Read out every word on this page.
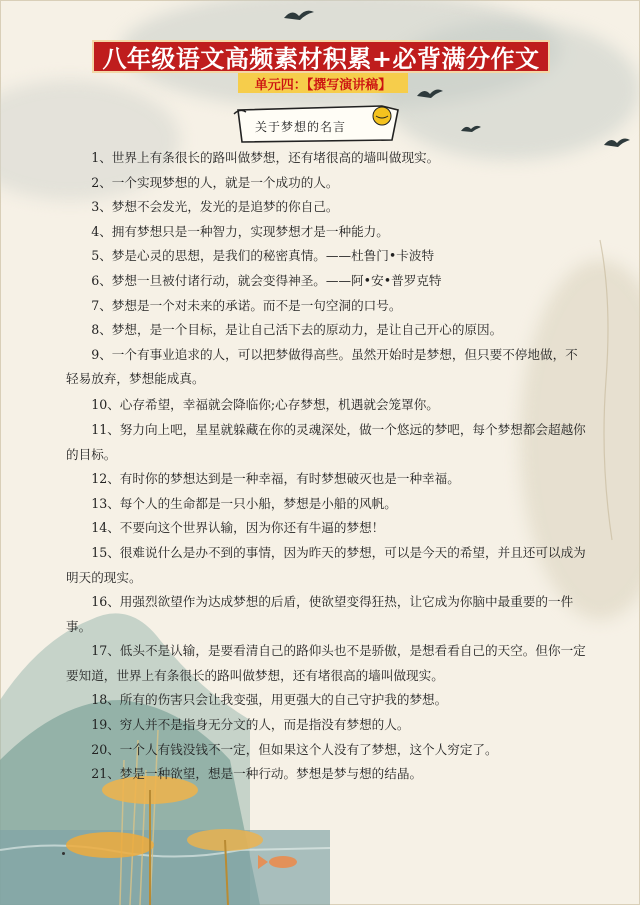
八年级语文高频素材积累+必背满分作文
单元四：【撰写演讲稿】
关于梦想的名言

1、世界上有条很长的路叫做梦想，还有堵很高的墙叫做现实。

2、一个实现梦想的人，就是一个成功的人。

3、梦想不会发光，发光的是追梦的你自己。

4、拥有梦想只是一种智力，实现梦想才是一种能力。

5、梦是心灵的思想，是我们的秘密真情。——杜鲁门•卡波特

6、梦想一旦被付诸行动，就会变得神圣。——阿•安•普罗克特

7、梦想是一个对未来的承诺。而不是一句空洞的口号。

8、梦想，是一个目标，是让自己活下去的原动力，是让自己开心的原因。

9、一个有事业追求的人，可以把梦做得高些。虽然开始时是梦想，但只要不停地做，不轻易放弃，梦想能成真。

10、心存希望，幸福就会降临你;心存梦想，机遇就会笼罩你。

11、努力向上吧，星星就躲藏在你的灵魂深处，做一个悠远的梦吧，每个梦想都会超越你的目标。

12、有时你的梦想达到是一种幸福，有时梦想破灭也是一种幸福。

13、每个人的生命都是一只小船，梦想是小船的风帆。

14、不要向这个世界认输，因为你还有牛逼的梦想！

15、很难说什么是办不到的事情，因为昨天的梦想，可以是今天的希望，并且还可以成为明天的现实。

16、用强烈欲望作为达成梦想的后盾，使欲望变得狂热，让它成为你脑中最重要的一件事。

17、低头不是认输，是要看清自己的路仰头也不是骄傲，是想看看自己的天空。但你一定要知道，世界上有条很长的路叫做梦想，还有堵很高的墙叫做现实。

18、所有的伤害只会让我变强，用更强大的自己守护我的梦想。

19、穷人并不是指身无分文的人，而是指没有梦想的人。

20、一个人有钱没钱不一定，但如果这个人没有了梦想，这个人穷定了。

21、梦是一种欲望，想是一种行动。梦想是梦与想的结晶。
